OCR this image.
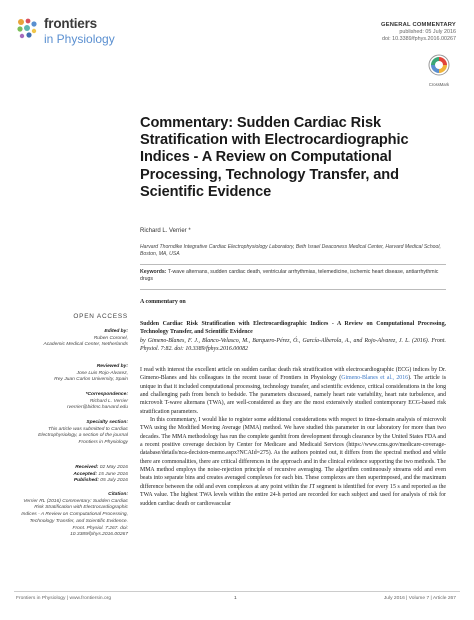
frontiers
in Physiology
GENERAL COMMENTARY
published: 05 July 2016
doi: 10.3389/fphys.2016.00267
CrossMark
Commentary: Sudden Cardiac Risk Stratification with Electrocardiographic Indices - A Review on Computational Processing, Technology Transfer, and Scientific Evidence
Richard L. Verrier *
Harvard Thorndike Integrative Cardiac Electrophysiology Laboratory, Beth Israel Deaconess Medical Center, Harvard Medical School, Boston, MA, USA
Keywords: T-wave alternans, sudden cardiac death, ventricular arrhythmias, telemedicine, ischemic heart disease, antiarrhythmic drugs
A commentary on
Sudden Cardiac Risk Stratification with Electrocardiographic Indices - A Review on Computational Processing, Technology Transfer, and Scientific Evidence
by Gimeno-Blanes, F. J., Blanco-Velasco, M., Barquero-Pérez, Ó., García-Alberola, A., and Rojo-Alvarez, J. L. (2016). Front. Physiol. 7:82. doi: 10.3389/fphys.2016.00082

I read with interest the excellent article on sudden cardiac death risk stratification with electrocardiographic (ECG) indices by Dr. Gimeno-Blanes and his colleagues in the recent issue of Frontiers in Physiology (Gimeno-Blanes et al., 2016). The article is unique in that it included computational processing, technology transfer, and scientific evidence, critical considerations in the long and challenging path from bench to bedside. The parameters discussed, namely heart rate variability, heart rate turbulence, and microvolt T-wave alternans (TWA), are well-considered as they are the most extensively studied contemporary ECG-based risk stratification parameters.

In this commentary, I would like to register some additional considerations with respect to time-domain analysis of microvolt TWA using the Modified Moving Average (MMA) method. We have studied this parameter in our laboratory for more than two decades. The MMA methodology has run the complete gambit from development through clearance by the United States FDA and a recent positive coverage decision by Center for Medicare and Medicaid Services (https://www.cms.gov/medicare-coverage-database/details/nca-decision-memo.aspx?NCAId=275). As the authors pointed out, it differs from the spectral method and while there are commonalities, there are critical differences in the approach and in the clinical evidence supporting the two methods. The MMA method employs the noise-rejection principle of recursive averaging. The algorithm continuously streams odd and even beats into separate bins and creates averaged complexes for each bin. These complexes are then superimposed, and the maximum difference between the odd and even complexes at any point within the JT segment is identified for every 15 s and reported as the TWA value. The highest TWA levels within the entire 24-h period are recorded for each subject and used for analysis of risk for sudden cardiac death or cardiovascular

OPEN ACCESS
Edited by:
Ruben Coronel,
Academic Medical Center, Netherlands
Reviewed by:
Jose Luis Rojo-Alvarez,
Rey Juan Carlos University, Spain
*Correspondence:
Richard L. Verrier
rverrier@bidmc.harvard.edu
Specialty section:
This article was submitted to Cardiac Electrophysiology, a section of the journal Frontiers in Physiology
Received: 02 May 2016
Accepted: 15 June 2016
Published: 05 July 2016
Citation:
Verrier RL (2016) Commentary: Sudden Cardiac Risk Stratification with Electrocardiographic Indices - A Review on Computational Processing, Technology Transfer, and Scientific Evidence. Front. Physiol. 7:267. doi: 10.3389/fphys.2016.00267
Frontiers in Physiology | www.frontiersin.org	1	July 2016 | Volume 7 | Article 267
